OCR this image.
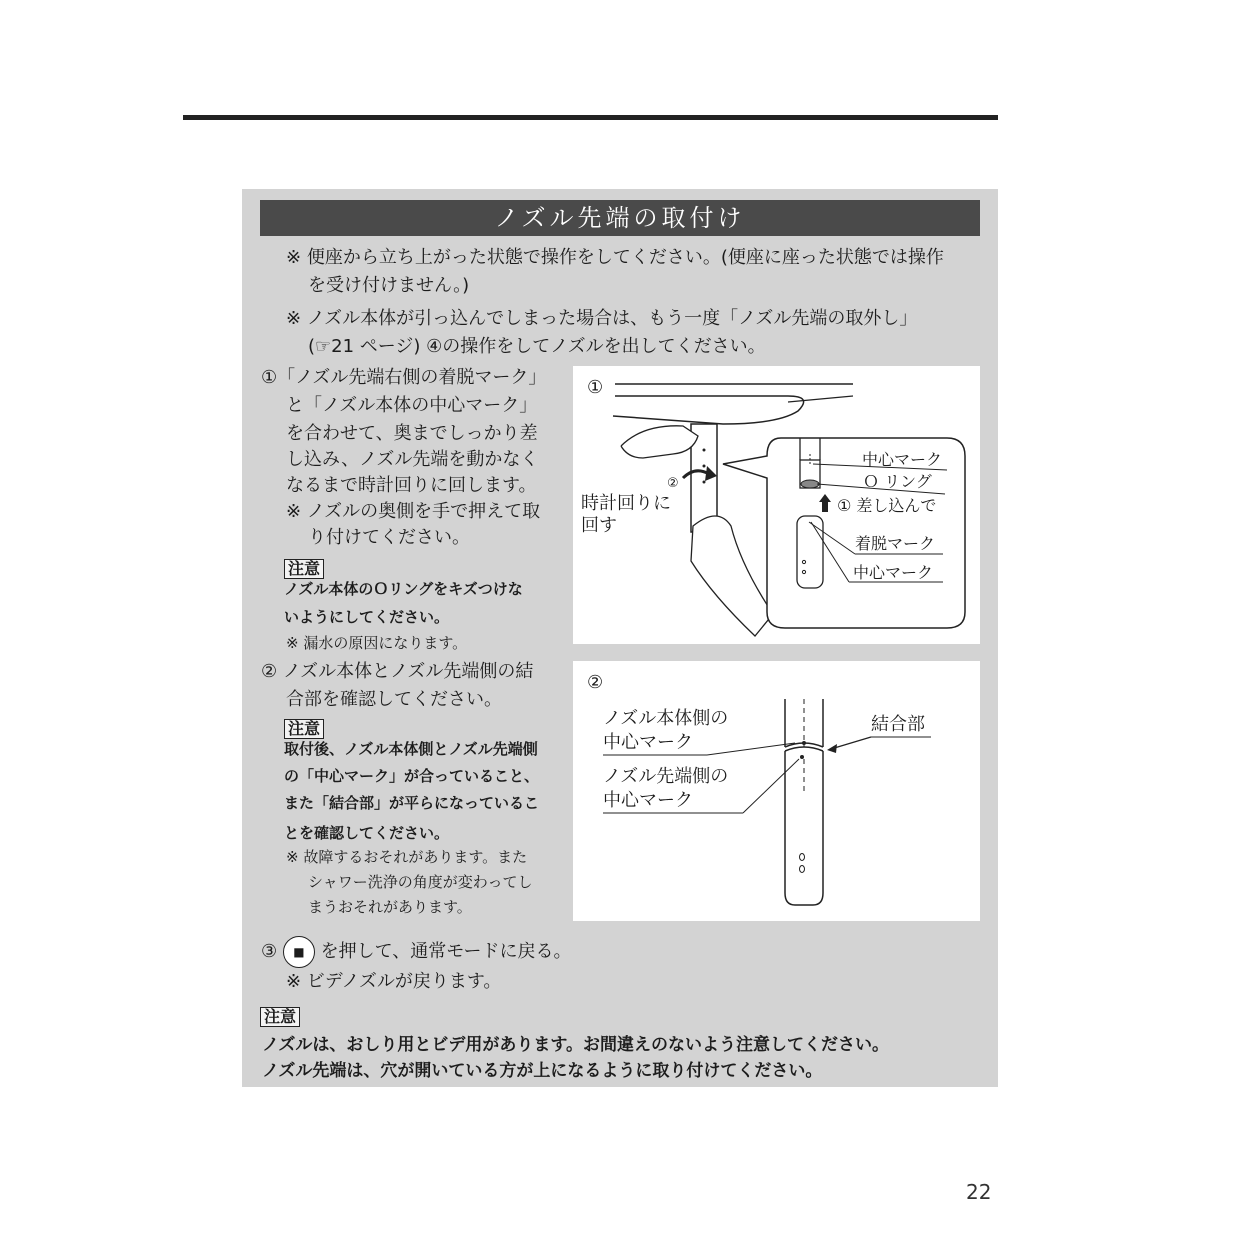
ノズル先端の取付け
※ 便座から立ち上がった状態で操作をしてください。(便座に座った状態では操作
を受け付けません。)
※ ノズル本体が引っ込んでしまった場合は、もう一度「ノズル先端の取外し」
(☞21 ページ) ④の操作をしてノズルを出してください。
①「ノズル先端右側の着脱マーク」
と「ノズル本体の中心マーク」
を合わせて、奥までしっかり差
し込み、ノズル先端を動かなく
なるまで時計回りに回します。
※ ノズルの奥側を手で押えて取
り付けてください。
注意
ノズル本体のＯリングをキズつけな
いようにしてください。
※ 漏水の原因になります。
② ノズル本体とノズル先端側の結
合部を確認してください。
注意
取付後、ノズル本体側とノズル先端側
の「中心マーク」が合っていること、
また「結合部」が平らになっているこ
とを確認してください。
※ 故障するおそれがあります。また
シャワー洗浄の角度が変わってし
まうおそれがあります。
③ ■ を押して、通常モードに戻る。
※ ビデノズルが戻ります。
注意
ノズルは、おしり用とビデ用があります。お間違えのないよう注意してください。
ノズル先端は、穴が開いている方が上になるように取り付けてください。
①
時計回りに
回す
②
中心マーク
Ｏ リング
① 差し込んで
着脱マーク
中心マーク
②
ノズル本体側の
中心マーク
ノズル先端側の
中心マーク
結合部
22
